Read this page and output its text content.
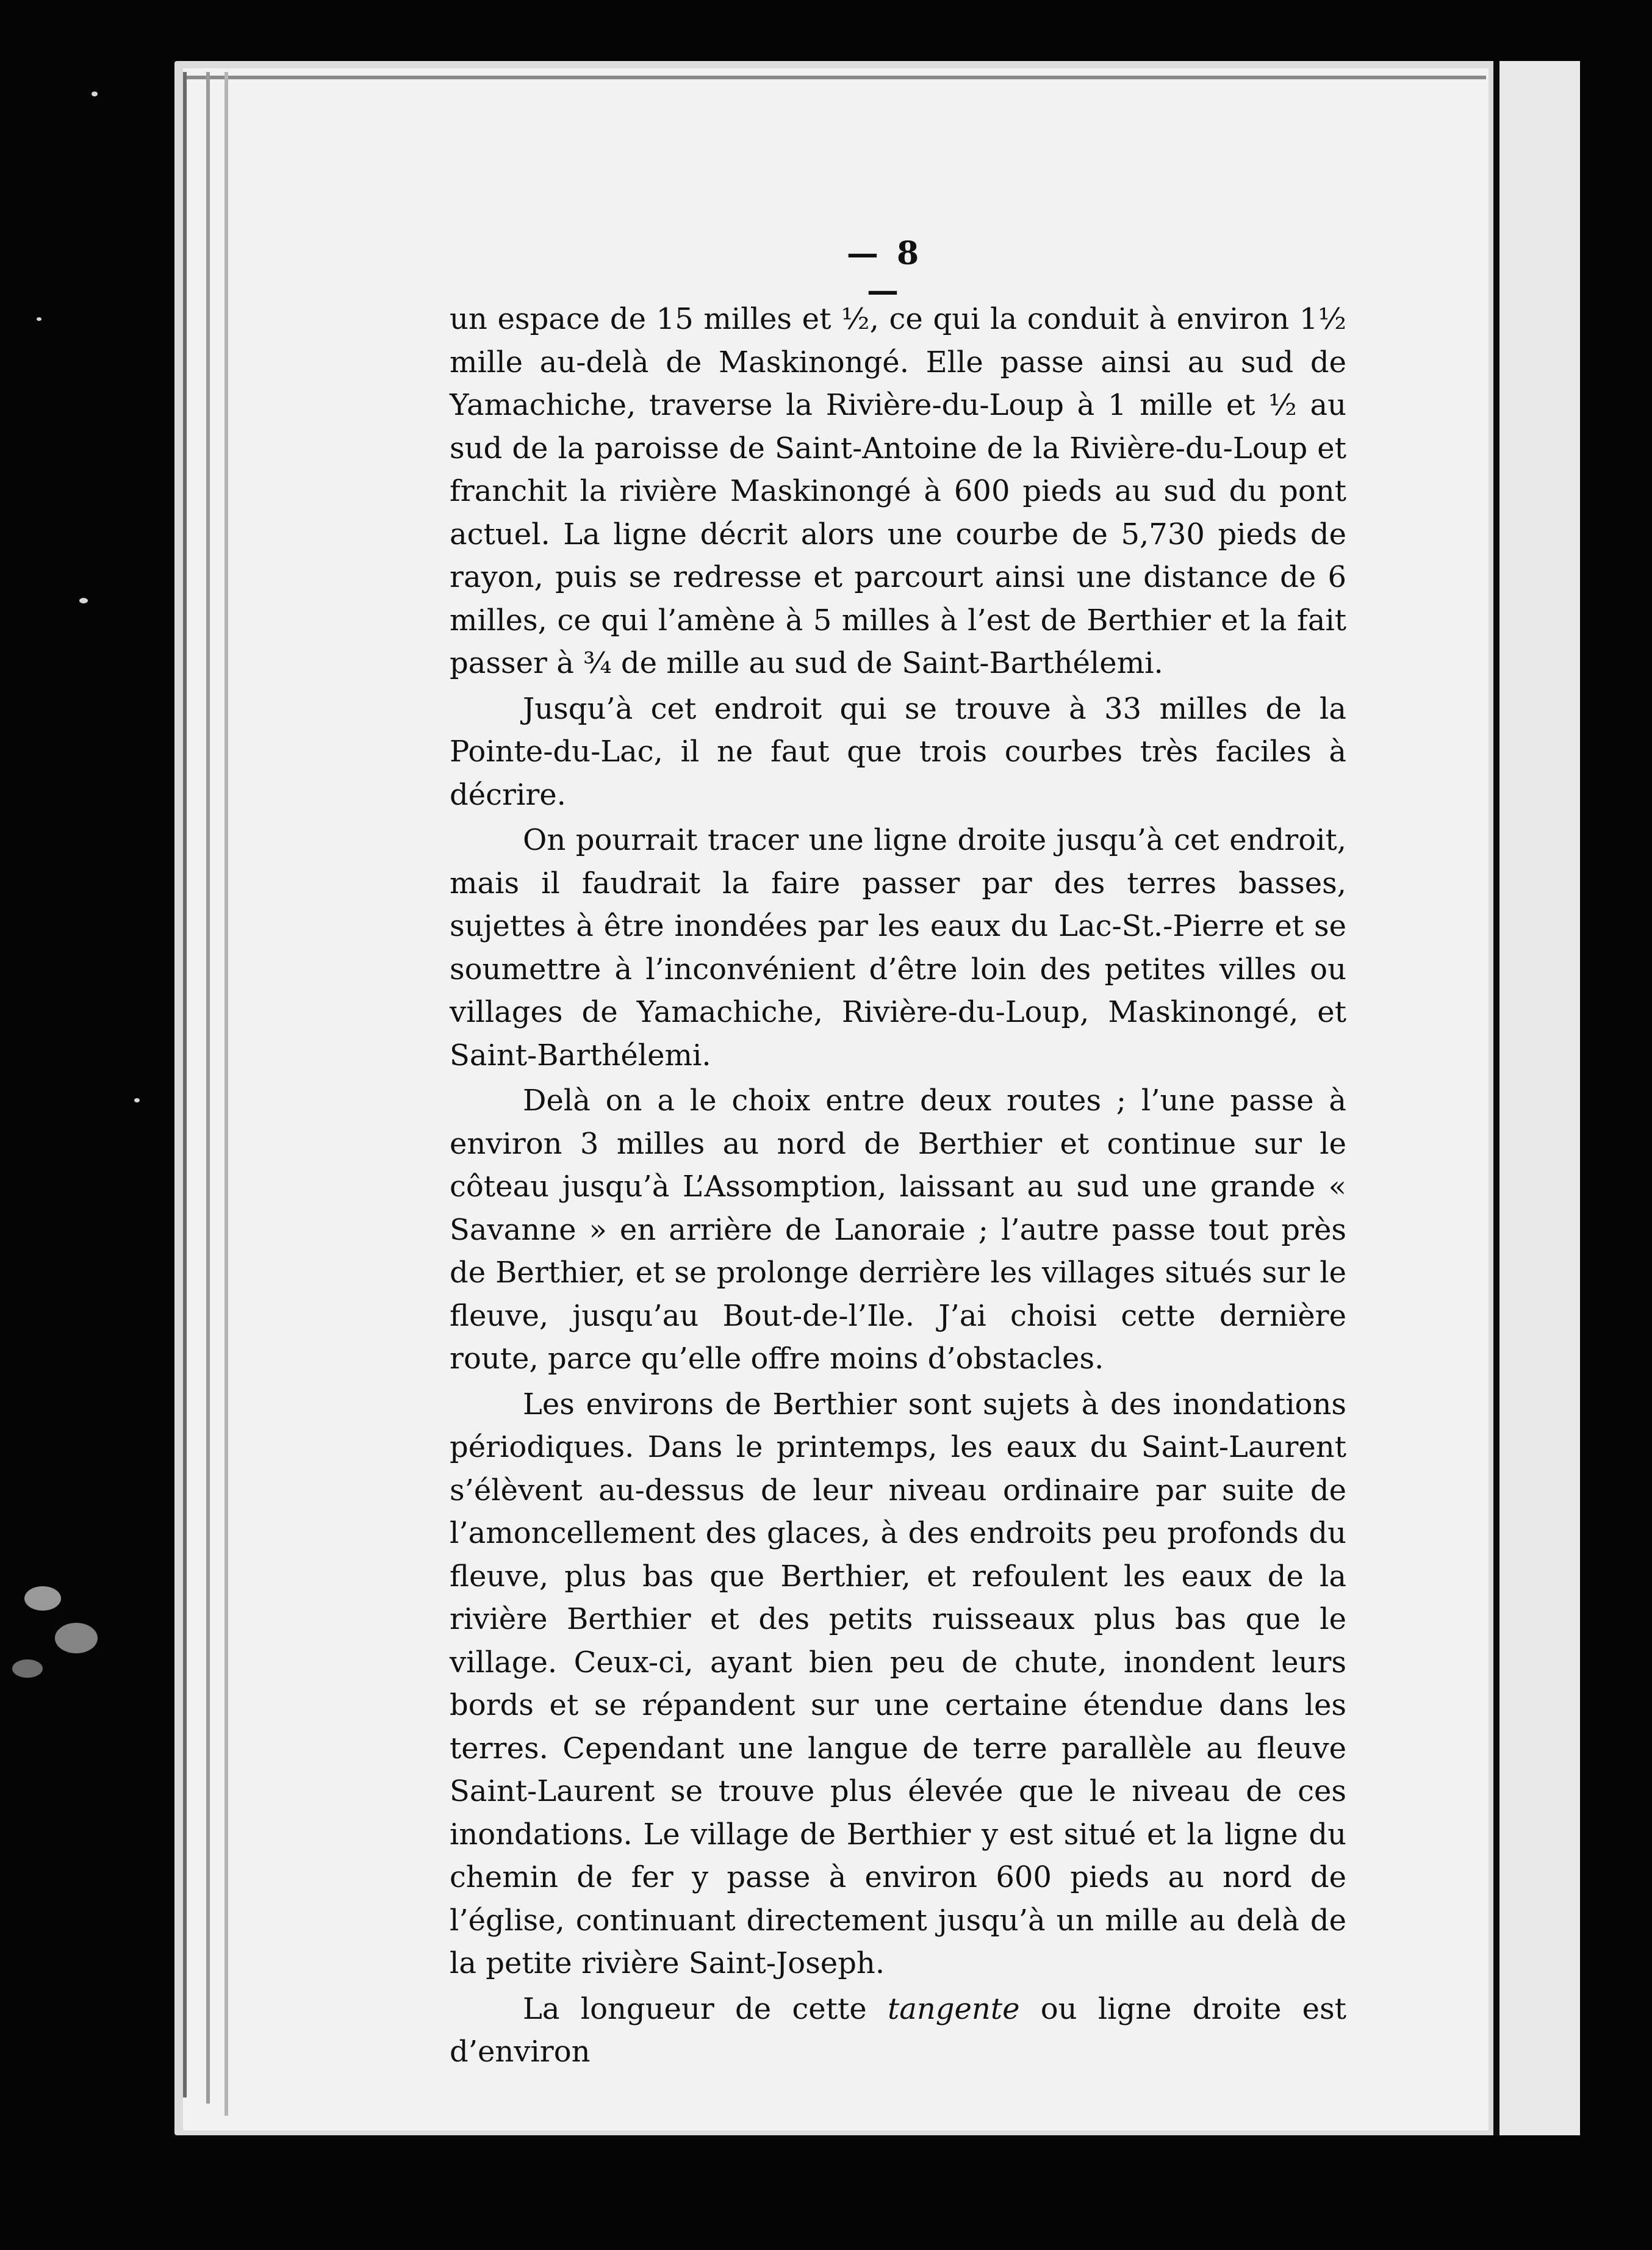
— 8 —

un espace de 15 milles et ½, ce qui la conduit à environ 1½ mille au-delà de Maskinongé. Elle passe ainsi au sud de Yamachiche, traverse la Rivière-du-Loup à 1 mille et ½ au sud de la paroisse de Saint-Antoine de la Rivière-du-Loup et franchit la rivière Maskinongé à 600 pieds au sud du pont actuel. La ligne décrit alors une courbe de 5,730 pieds de rayon, puis se redresse et parcourt ainsi une distance de 6 milles, ce qui l’amène à 5 milles à l’est de Berthier et la fait passer à ¾ de mille au sud de Saint-Barthélemi.

Jusqu’à cet endroit qui se trouve à 33 milles de la Pointe-du-Lac, il ne faut que trois courbes très faciles à décrire.

On pourrait tracer une ligne droite jusqu’à cet endroit, mais il faudrait la faire passer par des terres basses, sujettes à être inondées par les eaux du Lac-St.-Pierre et se soumettre à l’inconvénient d’être loin des petites villes ou villages de Yamachiche, Rivière-du-Loup, Maskinongé, et Saint-Barthélemi.

Delà on a le choix entre deux routes ; l’une passe à environ 3 milles au nord de Berthier et continue sur le côteau jusqu’à L’Assomption, laissant au sud une grande « Savanne » en arrière de Lanoraie ; l’autre passe tout près de Berthier, et se prolonge derrière les villages situés sur le fleuve, jusqu’au Bout-de-l’Ile. J’ai choisi cette dernière route, parce qu’elle offre moins d’obstacles.

Les environs de Berthier sont sujets à des inondations périodiques. Dans le printemps, les eaux du Saint-Laurent s’élèvent au-dessus de leur niveau ordinaire par suite de l’amoncellement des glaces, à des endroits peu profonds du fleuve, plus bas que Berthier, et refoulent les eaux de la rivière Berthier et des petits ruisseaux plus bas que le village. Ceux-ci, ayant bien peu de chute, inondent leurs bords et se répandent sur une certaine étendue dans les terres. Cependant une langue de terre parallèle au fleuve Saint-Laurent se trouve plus élevée que le niveau de ces inondations. Le village de Berthier y est situé et la ligne du chemin de fer y passe à environ 600 pieds au nord de l’église, continuant directement jusqu’à un mille au delà de la petite rivière Saint-Joseph.

La longueur de cette tangente ou ligne droite est d’environ
